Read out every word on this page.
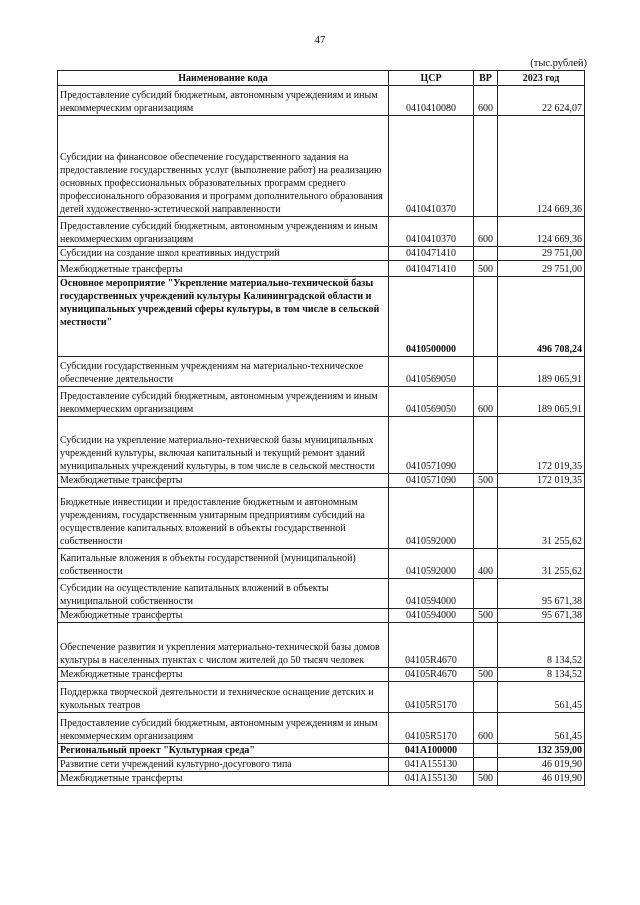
47
(тыс.рублей)
Наименование кода	ЦСР	ВР	2023 год
Предоставление субсидий бюджетным, автономным учреждениям и иным некоммерческим организациям	0410410080	600	22 624,07
Субсидии на финансовое обеспечение государственного задания на предоставление государственных услуг (выполнение работ) на реализацию основных профессиональных образовательных программ среднего профессионального образования и программ дополнительного образования детей художественно-эстетической направленности	0410410370		124 669,36
Предоставление субсидий бюджетным, автономным учреждениям и иным некоммерческим организациям	0410410370	600	124 669,36
Субсидии на создание школ креативных индустрий	0410471410		29 751,00
Межбюджетные трансферты	0410471410	500	29 751,00
Основное мероприятие "Укрепление материально-технической базы государственных учреждений культуры Калининградской области и муниципальных учреждений сферы культуры, в том числе в сельской местности"	0410500000		496 708,24
Субсидии государственным учреждениям на материально-техническое обеспечение деятельности	0410569050		189 065,91
Предоставление субсидий бюджетным, автономным учреждениям и иным некоммерческим организациям	0410569050	600	189 065,91
Субсидии на укрепление материально-технической базы муниципальных учреждений культуры, включая капитальный и текущий ремонт зданий муниципальных учреждений культуры, в том числе в сельской местности	0410571090		172 019,35
Межбюджетные трансферты	0410571090	500	172 019,35
Бюджетные инвестиции и предоставление бюджетным и автономным учреждениям, государственным унитарным предприятиям субсидий на осуществление капитальных вложений в объекты государственной собственности	0410592000		31 255,62
Капитальные вложения в объекты государственной (муниципальной) собственности	0410592000	400	31 255,62
Субсидии на осуществление капитальных вложений в объекты муниципальной собственности	0410594000		95 671,38
Межбюджетные трансферты	0410594000	500	95 671,38
Обеспечение развития и укрепления материально-технической базы домов культуры в населенных пунктах с числом жителей до 50 тысяч человек	04105R4670		8 134,52
Межбюджетные трансферты	04105R4670	500	8 134,52
Поддержка творческой деятельности и техническое оснащение детских и кукольных театров	04105R5170		561,45
Предоставление субсидий бюджетным, автономным учреждениям и иным некоммерческим организациям	04105R5170	600	561,45
Региональный проект "Культурная среда"	041A100000		132 359,00
Развитие сети учреждений культурно-досугового типа	041A155130		46 019,90
Межбюджетные трансферты	041A155130	500	46 019,90
